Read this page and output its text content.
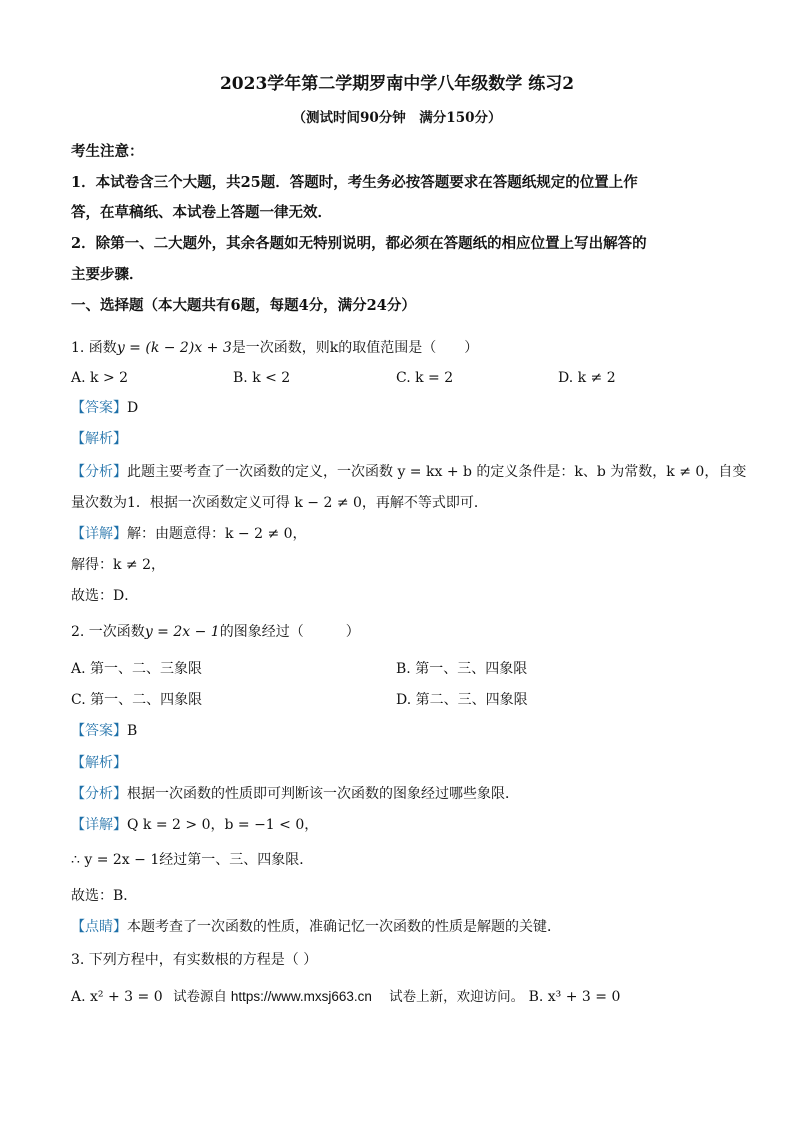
2023学年第二学期罗南中学八年级数学 练习2
（测试时间90分钟　满分150分）
考生注意：
1．本试卷含三个大题，共25题．答题时，考生务必按答题要求在答题纸规定的位置上作
答，在草稿纸、本试卷上答题一律无效．
2．除第一、二大题外，其余各题如无特别说明，都必须在答题纸的相应位置上写出解答的
主要步骤．
一、选择题（本大题共有6题，每题4分，满分24分）
1. 函数y = (k − 2)x + 3是一次函数，则k的取值范围是（　　）
A. k > 2	B. k < 2	C. k = 2	D. k ≠ 2
【答案】D
【解析】
【分析】此题主要考查了一次函数的定义，一次函数 y = kx + b 的定义条件是：k、b 为常数，k ≠ 0，自变
量次数为1．根据一次函数定义可得 k − 2 ≠ 0，再解不等式即可．
【详解】解：由题意得：k − 2 ≠ 0，
解得：k ≠ 2，
故选：D．
2. 一次函数y = 2x − 1的图象经过（　　　）
A. 第一、二、三象限	B. 第一、三、四象限
C. 第一、二、四象限	D. 第二、三、四象限
【答案】B
【解析】
【分析】根据一次函数的性质即可判断该一次函数的图象经过哪些象限．
【详解】Q k = 2 > 0，b = −1 < 0，
∴ y = 2x − 1经过第一、三、四象限．
故选：B．
【点睛】本题考查了一次函数的性质，准确记忆一次函数的性质是解题的关键．
3. 下列方程中，有实数根的方程是（ ）
A. x² + 3 = 0 试卷源自 https://www.mxsj663.cn　 试卷上新，欢迎访问。 B. x³ + 3 = 0
